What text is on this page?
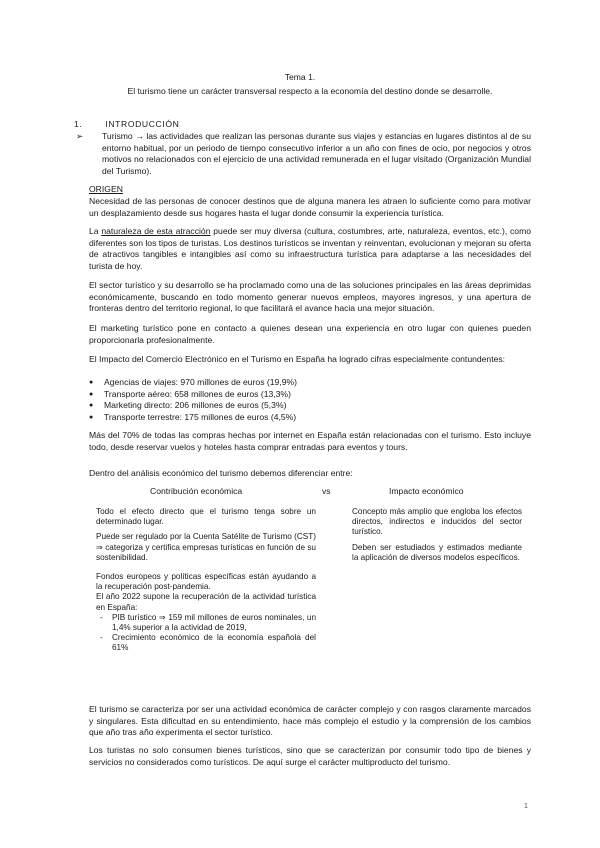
Tema 1.
El turismo tiene un carácter transversal respecto a la economía del destino donde se desarrolle.
1.	INTRODUCCIÓN
➢	Turismo → las actividades que realizan las personas durante sus viajes y estancias en lugares distintos al de su entorno habitual, por un periodo de tiempo consecutivo inferior a un año con fines de ocio, por negocios y otros motivos no relacionados con el ejercicio de una actividad remunerada en el lugar visitado (Organización Mundial del Turismo).
ORIGEN
Necesidad de las personas de conocer destinos que de alguna manera les atraen lo suficiente como para motivar un desplazamiento desde sus hogares hasta el lugar donde consumir la experiencia turística.
La naturaleza de esta atracción puede ser muy diversa (cultura, costumbres, arte, naturaleza, eventos, etc.), como diferentes son los tipos de turistas. Los destinos turísticos se inventan y reinventan, evolucionan y mejoran su oferta de atractivos tangibles e intangibles así como su infraestructura turística para adaptarse a las necesidades del turista de hoy.
El sector turístico y su desarrollo se ha proclamado como una de las soluciones principales en las áreas deprimidas económicamente, buscando en todo momento generar nuevos empleos, mayores ingresos, y una apertura de fronteras dentro del territorio regional, lo que facilitará el avance hacia una mejor situación.
El marketing turístico pone en contacto a quienes desean una experiencia en otro lugar con quienes pueden proporcionarla profesionalmente.
El Impacto del Comercio Electrónico en el Turismo en España ha logrado cifras especialmente contundentes:
● Agencias de viajes: 970 millones de euros (19,9%)
● Transporte aéreo: 658 millones de euros (13,3%)
● Marketing directo: 206 millones de euros (5,3%)
● Transporte terrestre: 175 millones de euros (4,5%)
Más del 70% de todas las compras hechas por internet en España están relacionadas con el turismo. Esto incluye todo, desde reservar vuelos y hoteles hasta comprar entradas para eventos y tours.
Dentro del análisis económico del turismo debemos diferenciar entre:
Contribución económica	vs	Impacto económico

Todo el efecto directo que el turismo tenga sobre un determinado lugar.

Puede ser regulado por la Cuenta Satélite de Turismo (CST) ⇒ categoriza y certifica empresas turísticas en función de su sostenibilidad.

Fondos europeos y políticas específicas están ayudando a la recuperación post-pandemia.

El año 2022 supone la recuperación de la actividad turística en España:

- PIB turístico ⇒ 159 mil millones de euros nominales, un 1,4% superior a la actividad de 2019,
- Crecimiento económico de la economía española del 61%

Concepto más amplio que engloba los efectos directos, indirectos e inducidos del sector turístico.

Deben ser estudiados y estimados mediante la aplicación de diversos modelos específicos.

El turismo se caracteriza por ser una actividad económica de carácter complejo y con rasgos claramente marcados y singulares. Esta dificultad en su entendimiento, hace más complejo el estudio y la comprensión de los cambios que año tras año experimenta el sector turístico.
Los turistas no solo consumen bienes turísticos, sino que se caracterizan por consumir todo tipo de bienes y servicios no considerados como turísticos. De aquí surge el carácter multiproducto del turismo.
1
